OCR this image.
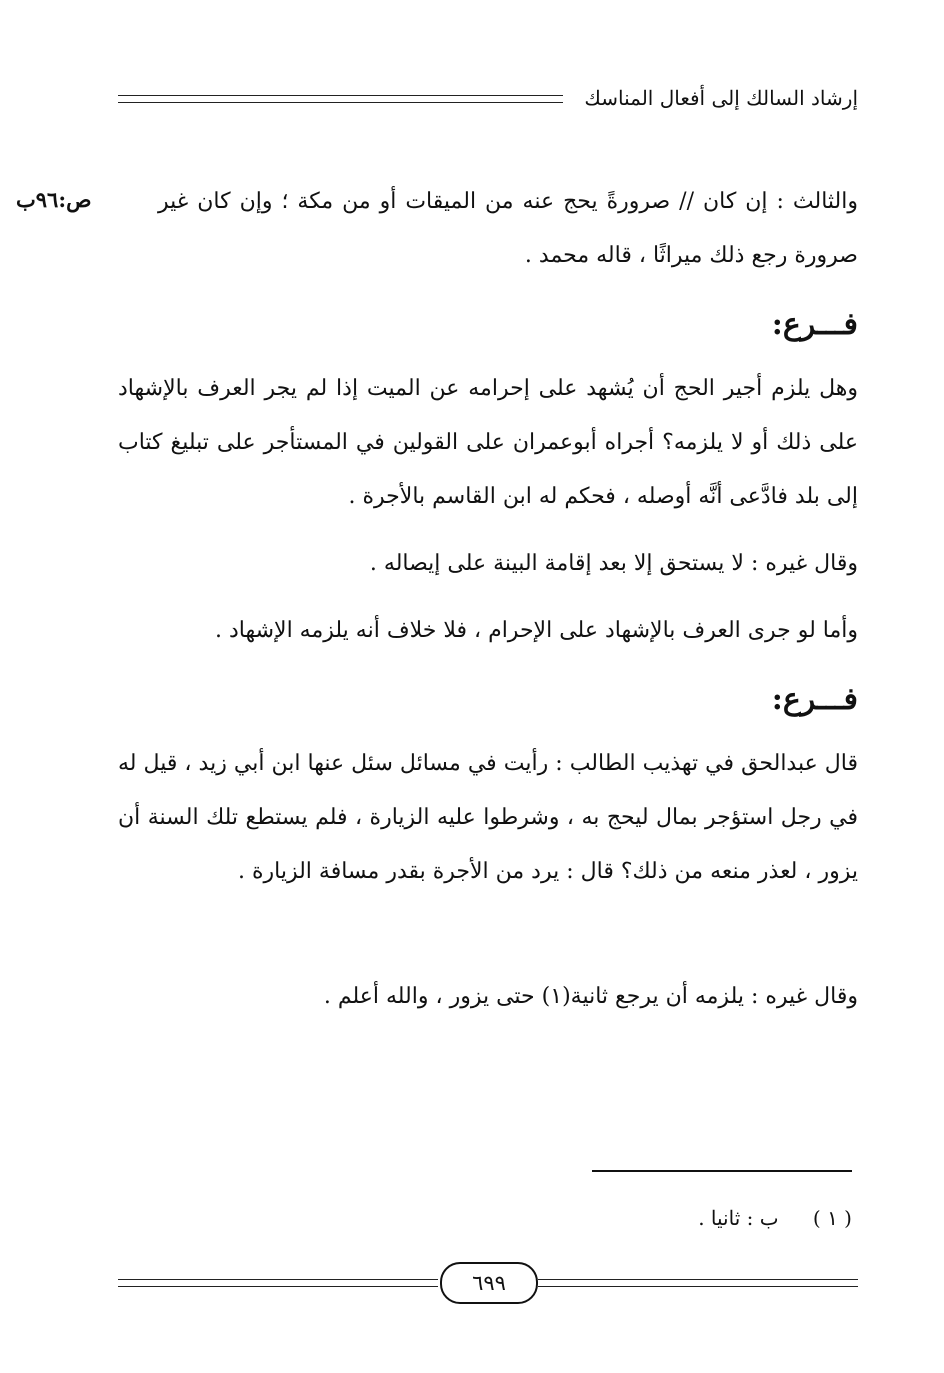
إرشاد السالك إلى أفعال المناسك
ص:٩٦ب	والثالث : إن كان // صرورةً يحج عنه من الميقات أو من مكة ؛ وإن كان غير صرورة رجع ذلك ميراثًا ، قاله محمد .
فـــرع:
وهل يلزم أجير الحج أن يُشهد على إحرامه عن الميت إذا لم يجر العرف بالإشهاد على ذلك أو لا يلزمه؟ أجراه أبوعمران على القولين في المستأجر على تبليغ كتاب إلى بلد فادَّعى أنَّه أوصله ، فحكم له ابن القاسم بالأجرة .
وقال غيره : لا يستحق إلا بعد إقامة البينة على إيصاله .
وأما لو جرى العرف بالإشهاد على الإحرام ، فلا خلاف أنه يلزمه الإشهاد .
فـــرع:
قال عبدالحق في تهذيب الطالب : رأيت في مسائل سئل عنها ابن أبي زيد ، قيل له في رجل استؤجر بمال ليحج به ، وشرطوا عليه الزيارة ، فلم يستطع تلك السنة أن يزور ، لعذر منعه من ذلك؟ قال : يرد من الأجرة بقدر مسافة الزيارة .
وقال غيره : يلزمه أن يرجع ثانية(١) حتى يزور ، والله أعلم .
( ١ ) ب : ثانيا .
٦٩٩
